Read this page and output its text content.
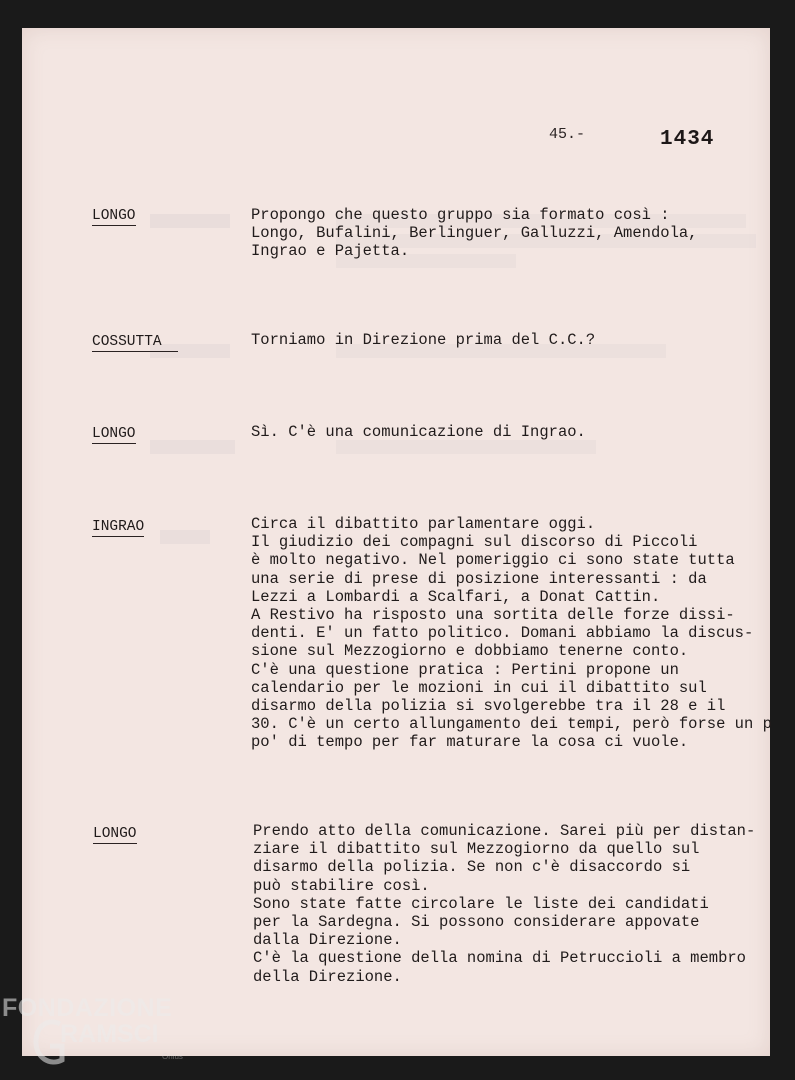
45.-	1434
LONGO	Propongo che questo gruppo sia formato così :
Longo, Bufalini, Berlinguer, Galluzzi, Amendola,
Ingrao e Pajetta.
COSSUTTA	Torniamo in Direzione prima del C.C.?
LONGO	Sì. C'è una comunicazione di Ingrao.
INGRAO	Circa il dibattito parlamentare oggi.
Il giudizio dei compagni sul discorso di Piccoli
è molto negativo. Nel pomeriggio ci sono state tutta
una serie di prese di posizione interessanti : da
Lezzi a Lombardi a Scalfari, a Donat Cattin.
A Restivo ha risposto una sortita delle forze dissi-
denti. E' un fatto politico. Domani abbiamo la discus-
sione sul Mezzogiorno e dobbiamo tenerne conto.
C'è una questione pratica : Pertini propone un
calendario per le mozioni in cui il dibattito sul
disarmo della polizia si svolgerebbe tra il 28 e il
30. C'è un certo allungamento dei tempi, però forse un p
po' di tempo per far maturare la cosa ci vuole.
LONGO	Prendo atto della comunicazione. Sarei più per distan-
ziare il dibattito sul Mezzogiorno da quello sul
disarmo della polizia. Se non c'è disaccordo si
può stabilire così.
Sono state fatte circolare le liste dei candidati
per la Sardegna. Si possono considerare appovate
dalla Direzione.
C'è la questione della nomina di Petruccioli a membro
della Direzione.
FONDAZIONE
RAMSCI
Onlus
